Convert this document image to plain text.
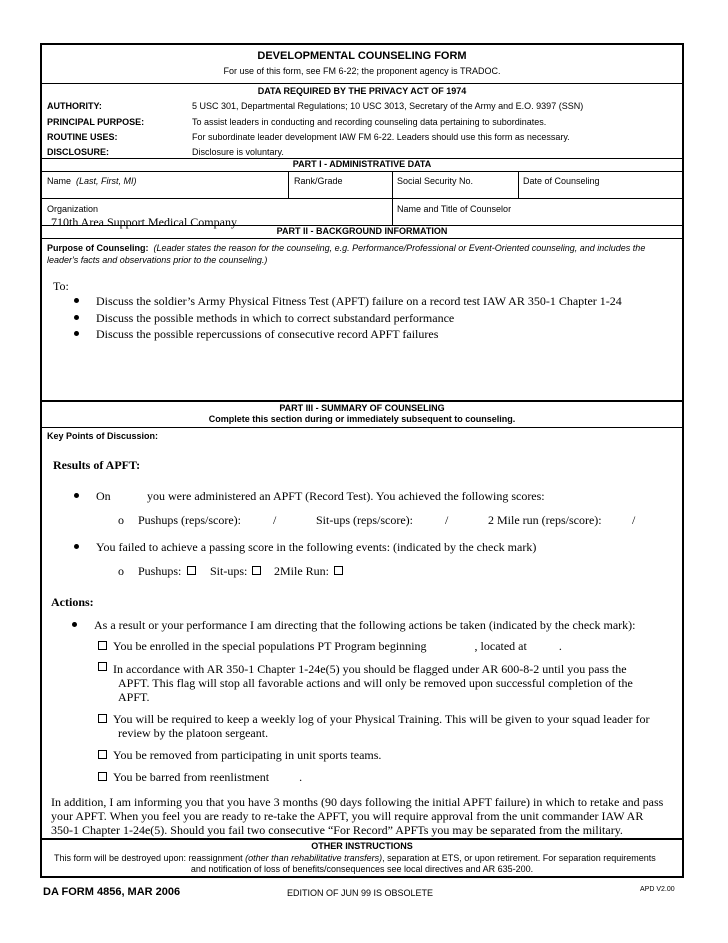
DEVELOPMENTAL COUNSELING FORM
For use of this form, see FM 6-22; the proponent agency is TRADOC.
DATA REQUIRED BY THE PRIVACY ACT OF 1974
AUTHORITY:	5 USC 301, Departmental Regulations; 10 USC 3013, Secretary of the Army and E.O. 9397 (SSN)
PRINCIPAL PURPOSE:	To assist leaders in conducting and recording counseling data pertaining to subordinates.
ROUTINE USES:	For subordinate leader development IAW FM 6-22. Leaders should use this form as necessary.
DISCLOSURE:	Disclosure is voluntary.
PART I - ADMINISTRATIVE DATA
Name (Last, First, MI)	Rank/Grade	Social Security No.	Date of Counseling
Organization
710th Area Support Medical Company
Name and Title of Counselor
PART II - BACKGROUND INFORMATION
Purpose of Counseling: (Leader states the reason for the counseling, e.g. Performance/Professional or Event-Oriented counseling, and includes the
leader's facts and observations prior to the counseling.)
To:
Discuss the soldier’s Army Physical Fitness Test (APFT) failure on a record test IAW AR 350-1 Chapter 1-24
Discuss the possible methods in which to correct substandard performance
Discuss the possible repercussions of consecutive record APFT failures
PART III - SUMMARY OF COUNSELING
Complete this section during or immediately subsequent to counseling.
Key Points of Discussion:
Results of APFT:
On	you were administered an APFT (Record Test). You achieved the following scores:
o Pushups (reps/score):	/	Sit-ups (reps/score):	/	2 Mile run (reps/score):	/
You failed to achieve a passing score in the following events: (indicated by the check mark)
o Pushups: Sit-ups: 2Mile Run:
Actions:
As a result or your performance I am directing that the following actions be taken (indicated by the check mark):
You be enrolled in the special populations PT Program beginning	, located at	.
In accordance with AR 350-1 Chapter 1-24e(5) you should be flagged under AR 600-8-2 until you pass the
APFT. This flag will stop all favorable actions and will only be removed upon successful completion of the
APFT.
You will be required to keep a weekly log of your Physical Training. This will be given to your squad leader for
review by the platoon sergeant.
You be removed from participating in unit sports teams.
You be barred from reenlistment	.
In addition, I am informing you that you have 3 months (90 days following the initial APFT failure) in which to retake and pass
your APFT. When you feel you are ready to re-take the APFT, you will require approval from the unit commander IAW AR
350-1 Chapter 1-24e(5). Should you fail two consecutive “For Record” APFTs you may be separated from the military.
OTHER INSTRUCTIONS
This form will be destroyed upon: reassignment (other than rehabilitative transfers), separation at ETS, or upon retirement. For separation requirements
and notification of loss of benefits/consequences see local directives and AR 635-200.
DA FORM 4856, MAR 2006	EDITION OF JUN 99 IS OBSOLETE	APD V2.00
